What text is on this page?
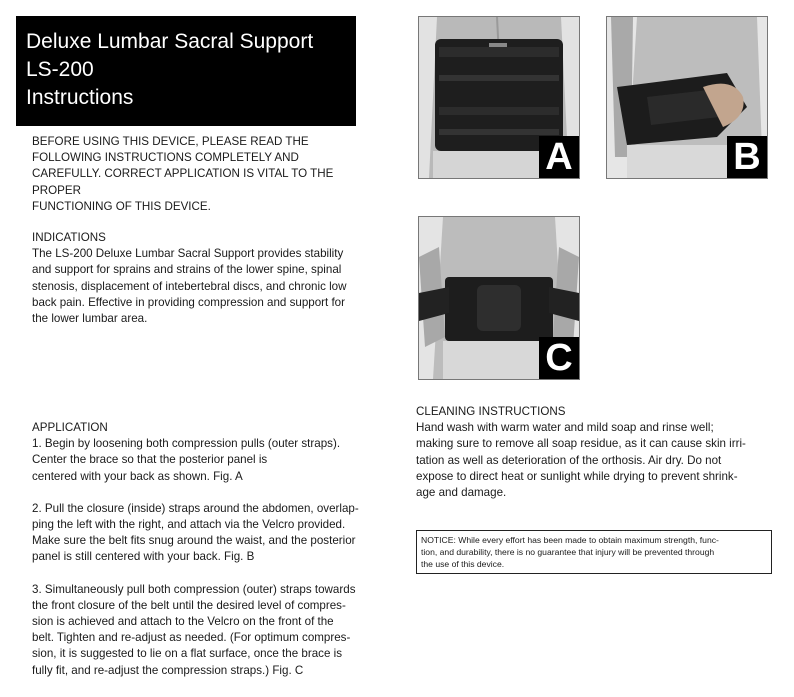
Deluxe Lumbar Sacral Support
LS-200
Instructions

BEFORE USING THIS DEVICE, PLEASE READ THE

FOLLOWING INSTRUCTIONS COMPLETELY AND

CAREFULLY. CORRECT APPLICATION IS VITAL TO THE PROPER

FUNCTIONING OF THIS DEVICE.

INDICATIONS

The LS-200 Deluxe Lumbar Sacral Support provides stability

and support for sprains and strains of the lower spine, spinal

stenosis, displacement of intebertebral discs, and chronic low

back pain. Effective in providing compression and support for

the lower lumbar area.

APPLICATION

1. Begin by loosening both compression pulls (outer straps).

Center the brace so that the posterior panel is

centered with your back as shown. Fig. A

2. Pull the closure (inside) straps around the abdomen, overlap-

ping the left with the right, and attach via the Velcro provided.

Make sure the belt fits snug around the waist, and the posterior

panel is still centered with your back. Fig. B

3. Simultaneously pull both compression (outer) straps towards

the front closure of the belt until the desired level of compres-

sion is achieved and attach to the Velcro on the front of the

belt. Tighten and re-adjust as needed. (For optimum compres-

sion, it is suggested to lie on a flat surface, once the brace is

fully fit, and re-adjust the compression straps.) Fig. C

CLEANING INSTRUCTIONS

Hand wash with warm water and mild soap and rinse well;

making sure to remove all soap residue, as it can cause skin irri-

tation as well as deterioration of the orthosis. Air dry. Do not

expose to direct heat or sunlight while drying to prevent shrink-

age and damage.

NOTICE: While every effort has been made to obtain maximum strength, func-
tion, and durability, there is no guarantee that injury will be prevented through
the use of this device.
A	B
C
